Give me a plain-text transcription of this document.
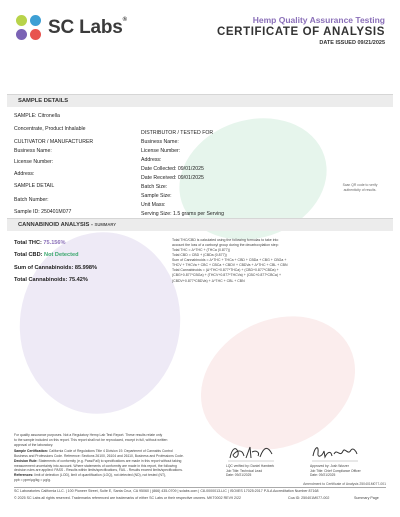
SC Labs®	Hemp Quality Assurance Testing
CERTIFICATE OF ANALYSIS
DATE ISSUED 09/21/2025
SAMPLE DETAILS
SAMPLE: Citronella
Concentrate, Product Inhalable
CULTIVATOR / MANUFACTURER
Business Name:
License Number:
Address:
SAMPLE DETAIL
Batch Number:
Sample ID: 250401M077
DISTRIBUTOR / TESTED FOR
Business Name:
License Number:
Address:
Date Collected: 09/01/2025
Date Received: 09/01/2025
Batch Size:
Sample Size:
Unit Mass:
Serving Size: 1.5 grams per Serving
Scan QR code to verify
authenticity of results.
CANNABINOID ANALYSIS - SUMMARY
Total THC: 75.156%
Total CBD: Not Detected
Sum of Cannabinoids: 85.998%
Total Cannabinoids: 75.42%
Total THC/CBD is calculated using the following formulas to take into
account the loss of a carboxyl group during the decarboxylation step:
Total THC = Δ⁹THC + (THCa (0.877))
Total CBD = CBD + (CBDa (0.877))
Sum of Cannabinoids = Δ⁹THC + THCa + CBD + CBDa + CBG + CBGa +
THCV + THCVa + CBC + CBCa + CBDV + CBDVa + Δ⁸THC + CBL + CBN
Total Cannabinoids = (Δ⁹THC+0.877*THCa) + (CBD+0.877*CBDa) +
(CBG+0.877*CBGa) + (THCV+0.877*THCVa) + (CBC+0.877*CBCa) +
(CBDV+0.877*CBDVa) + Δ⁸THC + CBL + CBN
For quality assurance purposes. Not a Regulatory Hemp Lab Test Report. These results relate only
to the sample included on this report. This report shall not be reproduced, except in full, without written
approval of the laboratory.
Sample Certification: California Code of Regulations Title 4 Division 19. Department of Cannabis Control
Business and Professions Code. Reference: Sections 26100, 26104 and 26110, Business and Professions Code.
Decision Rule: Statements of conformity (e.g. Pass/Fail) to specifications are made in this report without taking
measurement uncertainty into account. Where statements of conformity are made in this report, the following
decision rules are applied: PASS - Results within limits/specifications, FAIL - Results exceed limits/specifications.
References: limit of detection (LOD), limit of quantification (LOQ), not detected (ND), not tested (NT),
ppb = ppm/μg/kg = μg/g.
LQC verified by: Daniel Hamberk
Job Title: Technical Lead
Date: 09/21/2025
Approved by: Josh Wurzer
Job Title: Chief Compliance Officer
Date: 09/21/2025
Amendment to Certificate of Analysis 250401M077-001
SC Laboratories California LLC. | 100 Pioneer Street, Suite E, Santa Cruz, CA 95060 | (866) 435-0709 | sclabs.com | C8-0000013-LIC | ISO/IES 17025:2017 PJLA Accreditation Number 87168
© 2025 SC Labs all rights reserved. Trademarks referenced are trademarks of either SC Labs or their respective owners. MKT0002 REV9 2/22	Coa ID: 250401M077-002	Summary Page
